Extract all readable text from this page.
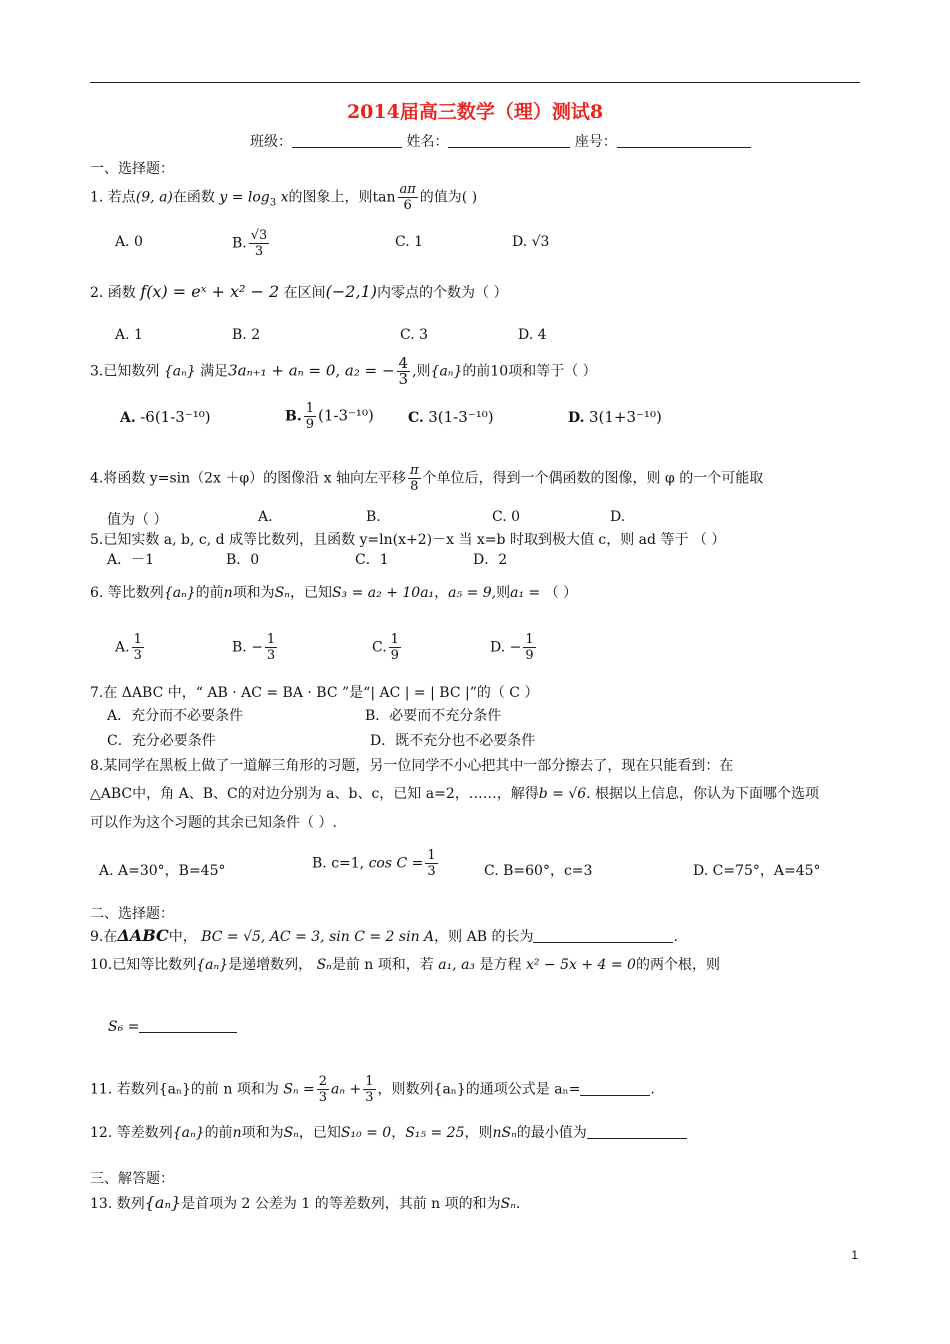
2014届高三数学（理）测试8
班级：	姓名：	座号：
一、选择题：
1. 若点(9, a)在函数 $y = \log_3 x$的图象上，则$\tan \frac{a\pi}{6}$ 的值为( )
A. 0	B. $\frac{√3}{3}$	C. 1	D. √3
2. 函数 f(x) = eˣ + x² − 2 在区间(−2,1)内零点的个数为（ ）
A. 1	B. 2	C. 3	D. 4
3.已知数列 {aₙ} 满足3aₙ₊₁ + aₙ = 0, a₂ = − $\frac{4}{3}$ ,则{aₙ}的前10项和等于（ ）
A. -6(1-3⁻¹⁰)	B. $\frac{1}{9} (1-3^{-10})$ C. 3(1-3⁻¹⁰)	D. 3(1+3⁻¹⁰)
4.将函数 y=sin（2x ＋φ）的图像沿 x 轴向左平移 $\frac{\pi}{8}$ 个单位后，得到一个偶函数的图像，则 φ 的一个可能取
值为（ ）	A.	B.	C. 0	D.
5.已知实数 a, b, c, d 成等比数列，且函数 y=ln(x+2)－x 当 x=b 时取到极大值 c，则 ad 等于 （ ）
A．－1	B．0	C．1	D．2
6. 等比数列{aₙ}的前n项和为Sₙ，已知S₃ = a₂ + 10a₁，a₅ = 9,则a₁ = （ ）
A. $\frac{1}{3}$	B. − $\frac{1}{3}$	C. $\frac{1}{9}$	D. − $\frac{1}{9}$
7.在 ΔABC 中，“ AB · AC = BA · BC ”是“| AC | = | BC |”的（ C ）
A．充分而不必要条件	B．必要而不充分条件
C．充分必要条件	D．既不充分也不必要条件
8.某同学在黑板上做了一道解三角形的习题，另一位同学不小心把其中一部分擦去了，现在只能看到：在
△ABC中，角 A、B、C的对边分别为 a、b、c，已知 a=2，……，解得b = √6. 根据以上信息，你认为下面哪个选项
可以作为这个习题的其余已知条件（ ）.
A. A=30°，B=45°	B. c=1, $\cos C = \frac{1}{3}$	C. B=60°，c=3	D. C=75°，A=45°
二、选择题：
9.在ΔABC中， BC = √5, AC = 3, sin C = 2 sin A，则 AB 的长为	.
10.已知等比数列{aₙ}是递增数列， Sₙ是前 n 项和，若 a₁, a₃ 是方程 x² − 5x + 4 = 0的两个根，则
S₆ =
11. 若数列{aₙ}的前 n 项和为 $S_n = \frac{2}{3}$ $a_n + \frac{1}{3}$ ，则数列{aₙ}的通项公式是 aₙ=	.
12. 等差数列{aₙ}的前n项和为Sₙ，已知S₁₀ = 0，S₁₅ = 25，则nSₙ的最小值为
三、解答题：
13. 数列{aₙ}是首项为 2 公差为 1 的等差数列，其前 n 项的和为Sₙ.
1
